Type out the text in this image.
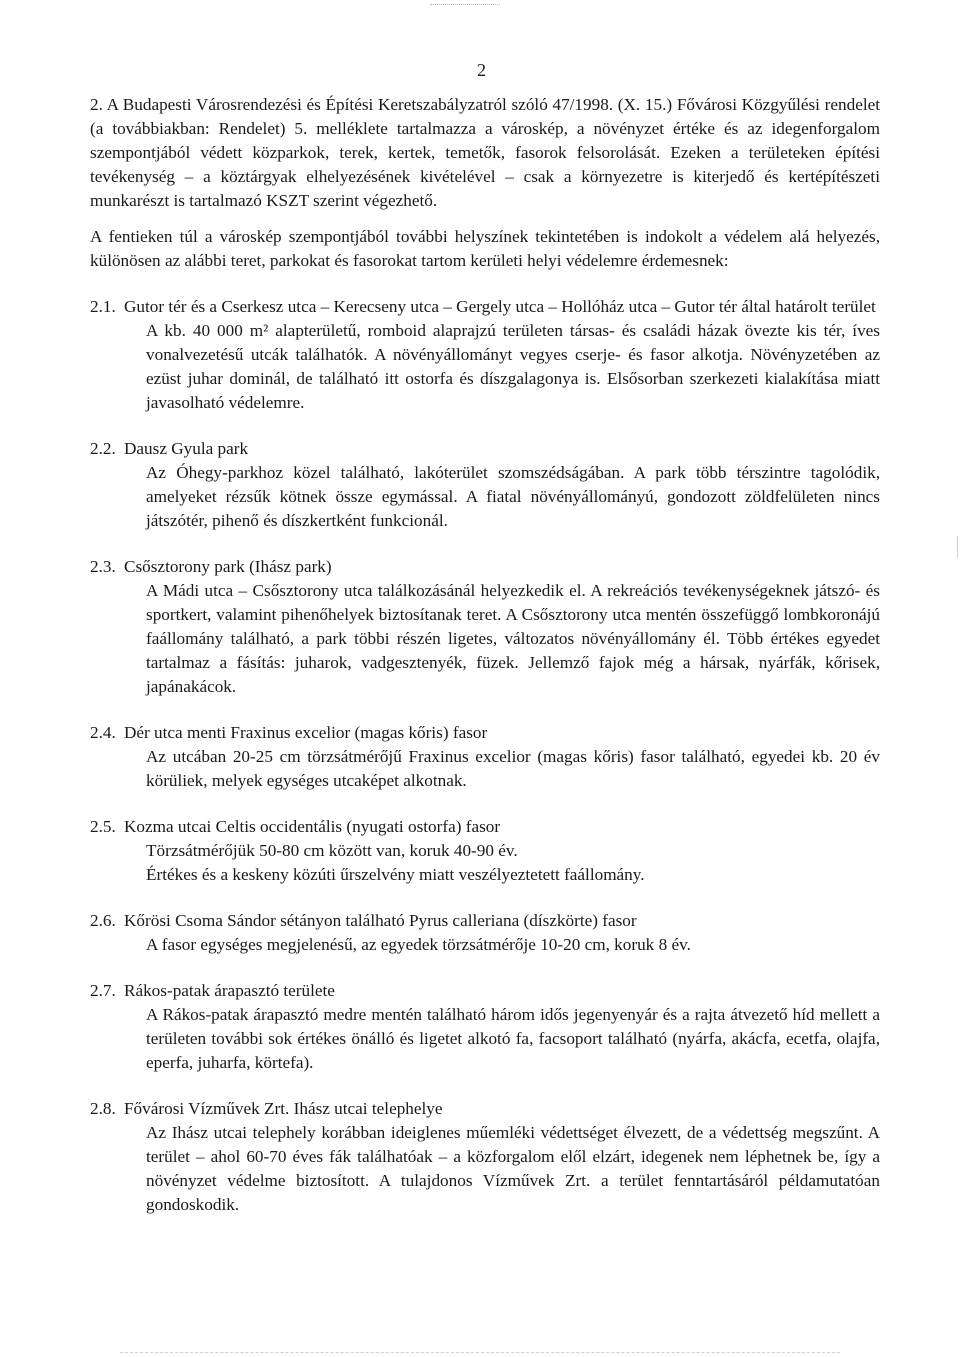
2

2. A Budapesti Városrendezési és Építési Keretszabályzatról szóló 47/1998. (X. 15.) Fővárosi Közgyűlési rendelet (a továbbiakban: Rendelet) 5. melléklete tartalmazza a városkép, a növényzet értéke és az idegenforgalom szempontjából védett közparkok, terek, kertek, temetők, fasorok felsorolását. Ezeken a területeken építési tevékenység – a köztárgyak elhelyezésének kivételével – csak a környezetre is kiterjedő és kertépítészeti munkarészt is tartalmazó KSZT szerint végezhető.

A fentieken túl a városkép szempontjából további helyszínek tekintetében is indokolt a védelem alá helyezés, különösen az alábbi teret, parkokat és fasorokat tartom kerületi helyi védelemre érdemesnek:

2.1. Gutor tér és a Cserkesz utca – Kerecseny utca – Gergely utca – Hollóház utca – Gutor tér által határolt terület

A kb. 40 000 m² alapterületű, romboid alaprajzú területen társas- és családi házak övezte kis tér, íves vonalvezetésű utcák találhatók. A növényállományt vegyes cserje- és fasor alkotja. Növényzetében az ezüst juhar dominál, de található itt ostorfa és díszgalagonya is. Elsősorban szerkezeti kialakítása miatt javasolható védelemre.

2.2. Dausz Gyula park

Az Óhegy-parkhoz közel található, lakóterület szomszédságában. A park több térszintre tagolódik, amelyeket rézsűk kötnek össze egymással. A fiatal növényállományú, gondozott zöldfelületen nincs játszótér, pihenő és díszkertként funkcionál.

2.3. Csősztorony park (Ihász park)

A Mádi utca – Csősztorony utca találkozásánál helyezkedik el. A rekreációs tevékenységeknek játszó- és sportkert, valamint pihenőhelyek biztosítanak teret. A Csősztorony utca mentén összefüggő lombkoronájú faállomány található, a park többi részén ligetes, változatos növényállomány él. Több értékes egyedet tartalmaz a fásítás: juharok, vadgesztenyék, füzek. Jellemző fajok még a hársak, nyárfák, kőrisek, japánakácok.

2.4. Dér utca menti Fraxinus excelior (magas kőris) fasor

Az utcában 20-25 cm törzsátmérőjű Fraxinus excelior (magas kőris) fasor található, egyedei kb. 20 év körüliek, melyek egységes utcaképet alkotnak.

2.5. Kozma utcai Celtis occidentális (nyugati ostorfa) fasor

Törzsátmérőjük 50-80 cm között van, koruk 40-90 év.

Értékes és a keskeny közúti űrszelvény miatt veszélyeztetett faállomány.

2.6. Kőrösi Csoma Sándor sétányon található Pyrus calleriana (díszkörte) fasor

A fasor egységes megjelenésű, az egyedek törzsátmérője 10-20 cm, koruk 8 év.

2.7. Rákos-patak árapasztó területe

A Rákos-patak árapasztó medre mentén található három idős jegenyenyár és a rajta átvezető híd mellett a területen további sok értékes önálló és ligetet alkotó fa, facsoport található (nyárfa, akácfa, ecetfa, olajfa, eperfa, juharfa, körtefa).

2.8. Fővárosi Vízművek Zrt. Ihász utcai telephelye

Az Ihász utcai telephely korábban ideiglenes műemléki védettséget élvezett, de a védettség megszűnt. A terület – ahol 60-70 éves fák találhatóak – a közforgalom elől elzárt, idegenek nem léphetnek be, így a növényzet védelme biztosított. A tulajdonos Vízművek Zrt. a terület fenntartásáról példamutatóan gondoskodik.
